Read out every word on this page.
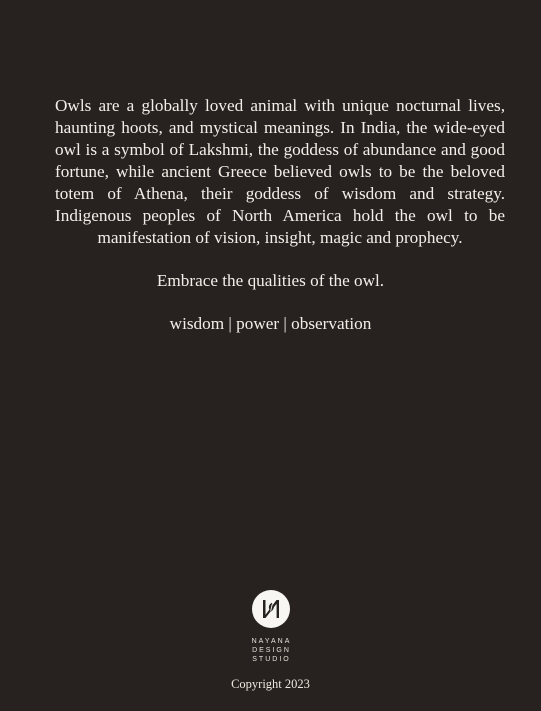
Owls are a globally loved animal with unique nocturnal lives, haunting hoots, and mystical meanings. In India, the wide-eyed owl is a symbol of Lakshmi, the goddess of abundance and good fortune, while ancient Greece believed owls to be the beloved totem of Athena, their goddess of wisdom and strategy. Indigenous peoples of North America hold the owl to be manifestation of vision, insight, magic and prophecy.

Embrace the qualities of the owl.

wisdom | power | observation

NAYANA
DESIGN
STUDIO

Copyright 2023
